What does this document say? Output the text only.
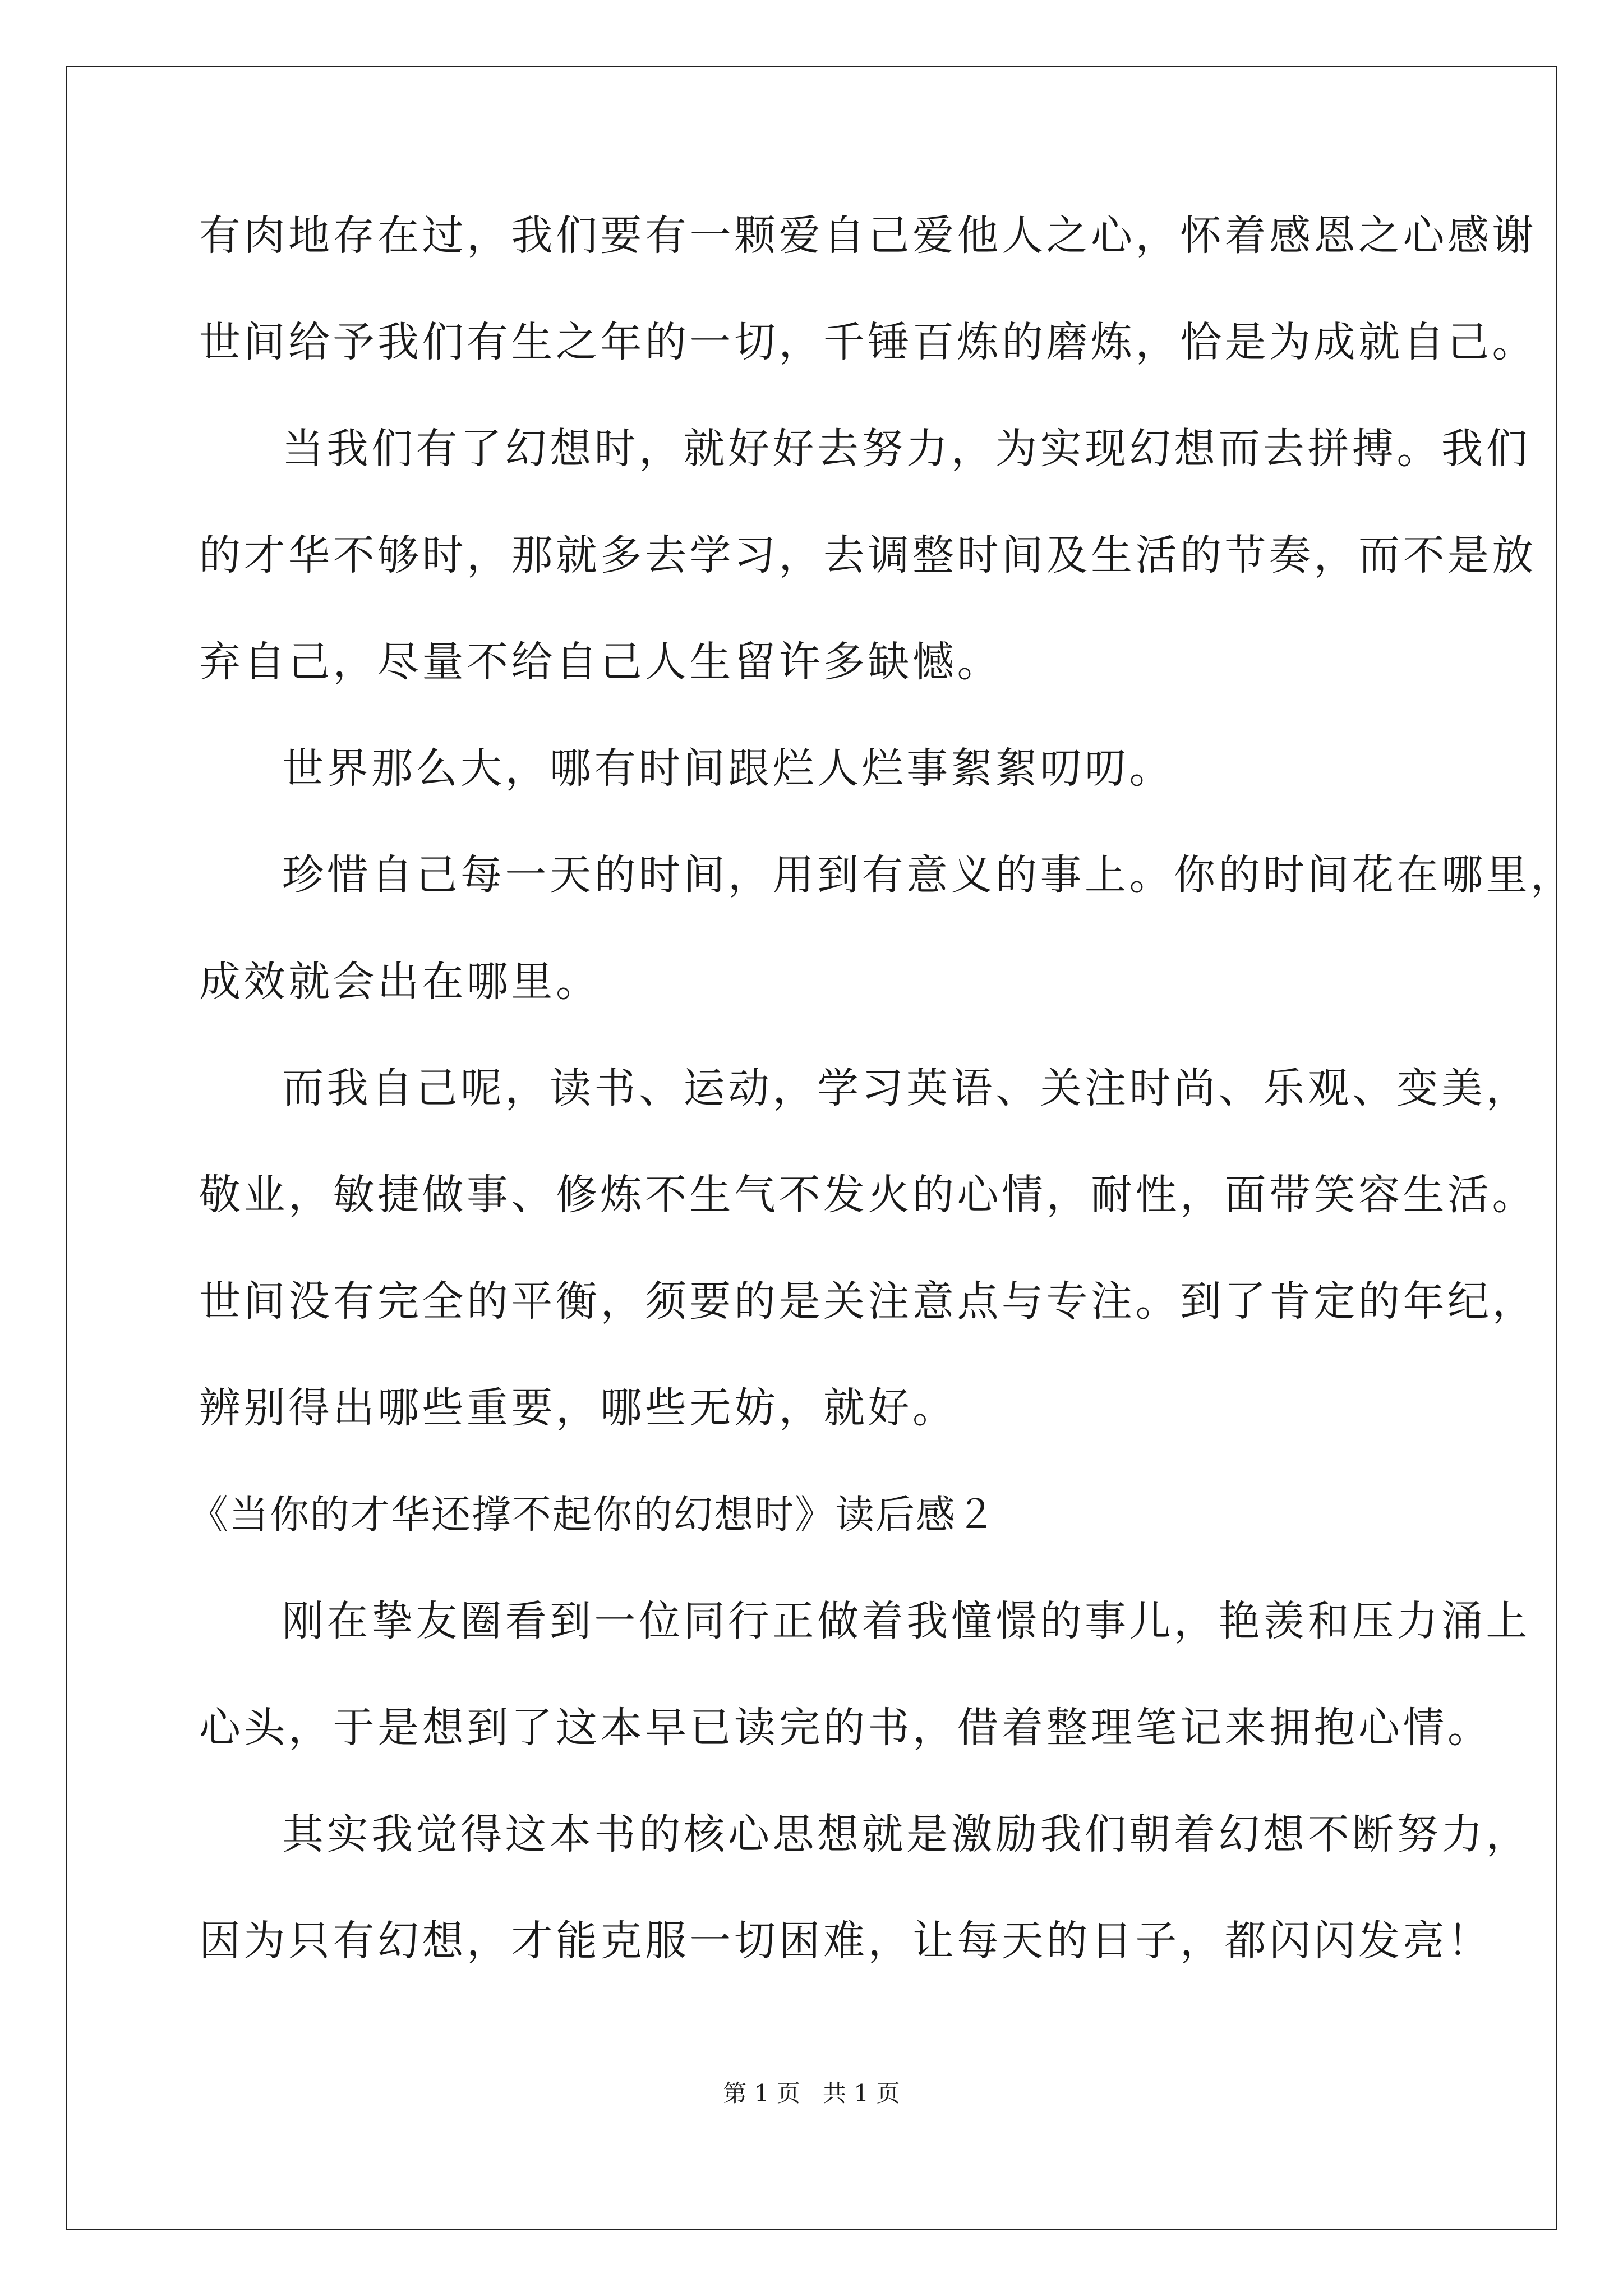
有肉地存在过，我们要有一颗爱自己爱他人之心，怀着感恩之心感谢
世间给予我们有生之年的一切，千锤百炼的磨炼，恰是为成就自己。
当我们有了幻想时，就好好去努力，为实现幻想而去拼搏。我们
的才华不够时，那就多去学习，去调整时间及生活的节奏，而不是放
弃自己，尽量不给自己人生留许多缺憾。
世界那么大，哪有时间跟烂人烂事絮絮叨叨。
珍惜自己每一天的时间，用到有意义的事上。你的时间花在哪里，
成效就会出在哪里。
而我自己呢，读书、运动，学习英语、关注时尚、乐观、变美，
敬业，敏捷做事、修炼不生气不发火的心情，耐性，面带笑容生活。
世间没有完全的平衡，须要的是关注意点与专注。到了肯定的年纪，
辨别得出哪些重要，哪些无妨，就好。
《当你的才华还撑不起你的幻想时》读后感２
刚在挚友圈看到一位同行正做着我憧憬的事儿，艳羡和压力涌上
心头，于是想到了这本早已读完的书，借着整理笔记来拥抱心情。
其实我觉得这本书的核心思想就是激励我们朝着幻想不断努力，
因为只有幻想，才能克服一切困难，让每天的日子，都闪闪发亮！
第 1 页   共 1 页
